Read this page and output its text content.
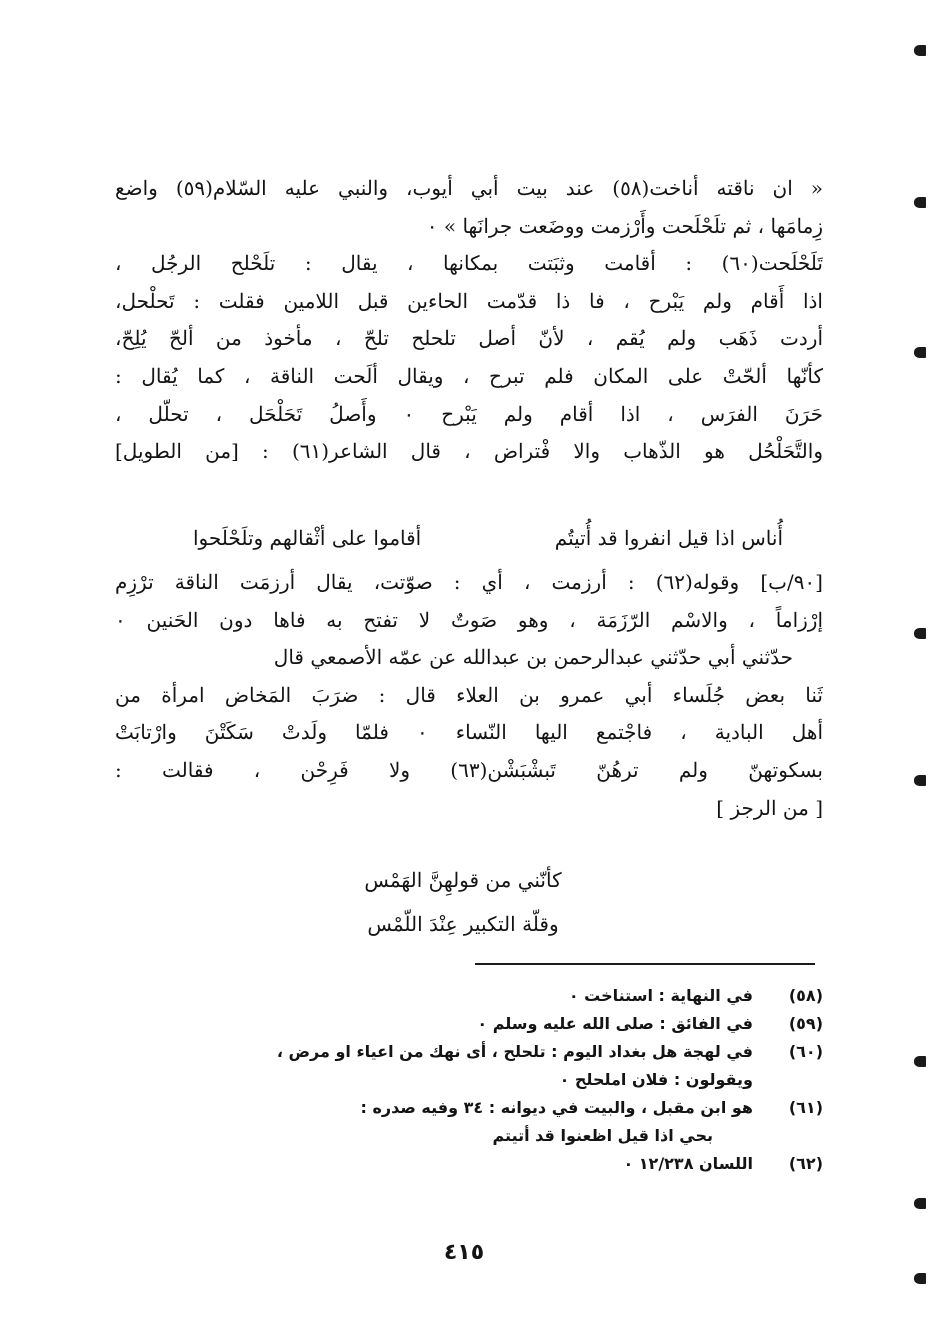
« ان ناقته أناخت(٥٨) عند بيت أبي أيوب، والنبي عليه السّلام(٥٩) واضع
زِمامَها ، ثم تلَحْلَحت وأَرْزمت ووضَعت جرانَها » ٠
تَلَحْلَحت(٦٠) : أقامت وثبَتت بمكانها ، يقال : تلَحْلح الرجُل ،
اذا أَقام ولم يَبْرح ، فا ذا قدّمت الحاءين قبل اللامين فقلت : تَحلْحل،
أردت ذَهَب ولم يُقم ، لأنّ أصل تلحلح تلحّ ، مأخوذ من ألحّ يُلِحّ،
كأنّها ألحّتْ على المكان فلم تبرح ، ويقال ألَحت الناقة ، كما يُقال :
حَرَنَ الفرَس ، اذا أقام ولم يَبْرح ٠ وأَصلُ تَحَلْحَل ، تحلّل ،
والتَّحَلْحُل هو الذّهاب والا فْتراض ، قال الشاعر(٦١) : [من الطويل]
أُناس اذا قيل انفروا قد أُتيتُم
أقاموا على أثْقالهم وتلَحْلَحوا
[٩٠/ب] وقوله(٦٢) : أرزمت ، أي : صوّتت، يقال أرزمَت الناقة ترْزِم
إرْزاماً ، والاسْم الرّزَمَة ، وهو صَوتٌ لا تفتح به فاها دون الحَنين ٠
حدّثني أبي حدّثني عبدالرحمن بن عبدالله عن عمّه الأصمعي قال
ثَنا بعض جُلَساء أبي عمرو بن العلاء قال : ضرَبَ المَخاض امرأة من
أهل البادية ، فاجْتمع اليها النّساء ٠ فلمّا ولَدتْ سَكَتْنَ وارْتابَتْ
بسكوتهنّ ولم ترهُنّ تَبشْبَشْن(٦٣) ولا فَرِحْن ، فقالت :
[ من الرجز ]
كأنّني من قولهِنَّ الهَمْس
وقلّة التكبير عِنْدَ اللّمْس
(٥٨)
في النهاية : استناخت ٠
(٥٩)
في الفائق : صلى الله عليه وسلم ٠
(٦٠)
في لهجة هل بغداد اليوم : تلحلح ، أى نهك من اعياء او مرض ،
ويقولون : فلان املحلح ٠
(٦١)
هو ابن مقبل ، والبيت في ديوانه : ٣٤ وفيه صدره :
بحي اذا قيل اظعنوا قد أتيتم
(٦٢)
اللسان ١٢/٢٣٨ ٠
٤١٥
